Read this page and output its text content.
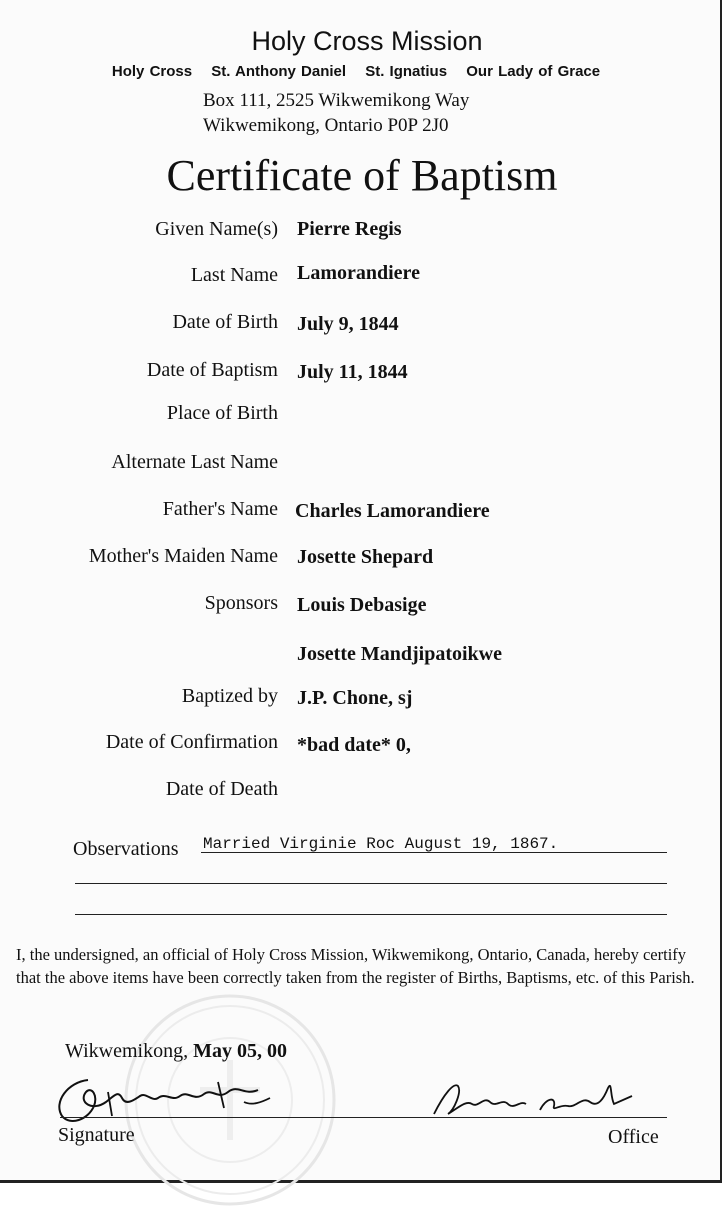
Holy Cross Mission
Holy Cross St. Anthony Daniel St. Ignatius Our Lady of Grace
Box 111, 2525 Wikwemikong Way
Wikwemikong, Ontario P0P 2J0
Certificate of Baptism
Given Name(s) Pierre Regis
Last Name Lamorandiere
Date of Birth July 9, 1844
Date of Baptism July 11, 1844
Place of Birth
Alternate Last Name
Father's Name Charles Lamorandiere
Mother's Maiden Name Josette Shepard
Sponsors Louis Debasige
Josette Mandjipatoikwe
Baptized by J.P. Chone, sj
Date of Confirmation *bad date* 0,
Date of Death
Observations Married Virginie Roc August 19, 1867.
I, the undersigned, an official of Holy Cross Mission, Wikwemikong, Ontario, Canada, hereby certify that the above items have been correctly taken from the register of Births, Baptisms, etc. of this Parish.
Wikwemikong, May 05, 00
Signature	Office
